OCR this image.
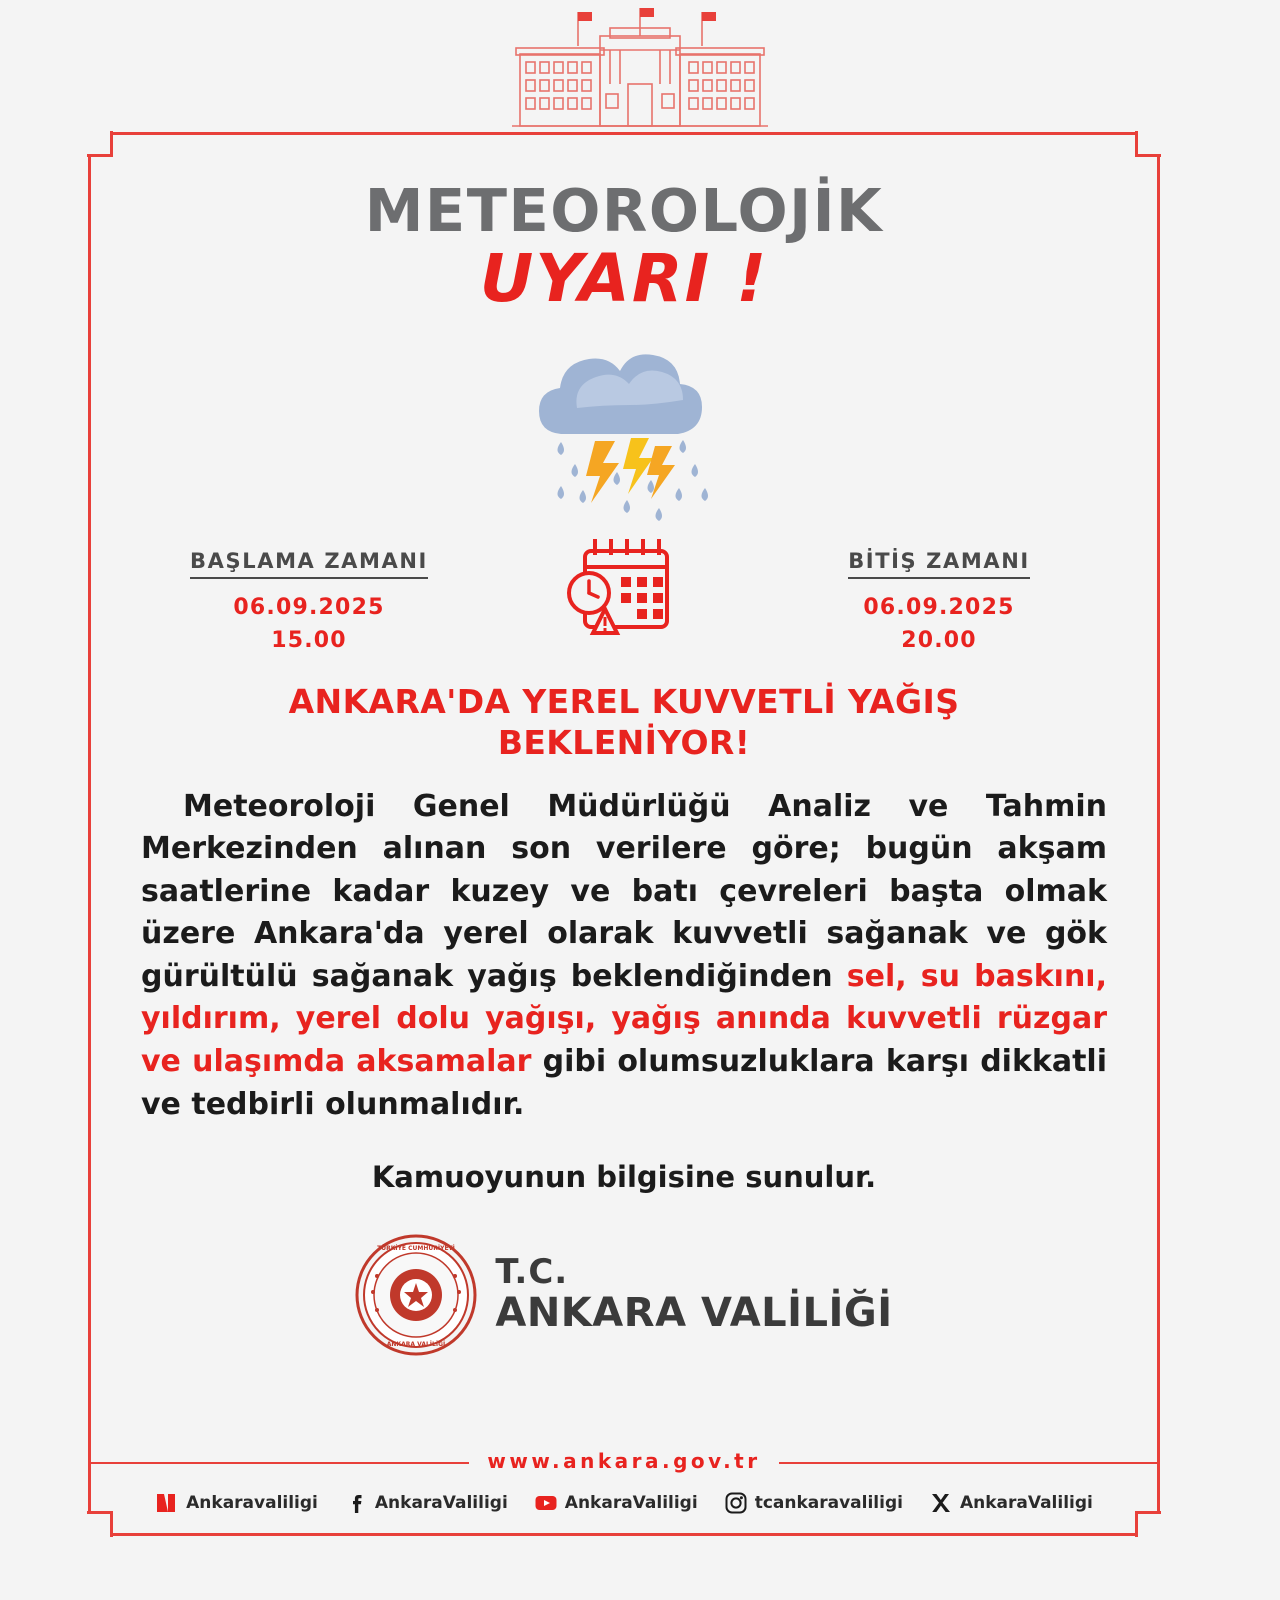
METEOROLOJİK
UYARI !
BAŞLAMA ZAMANI
06.09.2025
15.00
BİTİŞ ZAMANI
06.09.2025
20.00
ANKARA'DA YEREL KUVVETLİ YAĞIŞ BEKLENİYOR!

Meteoroloji Genel Müdürlüğü Analiz ve Tahmin Merkezinden alınan son verilere göre; bugün akşam saatlerine kadar kuzey ve batı çevreleri başta olmak üzere Ankara'da yerel olarak kuvvetli sağanak ve gök gürültülü sağanak yağış beklendiğinden sel, su baskını, yıldırım, yerel dolu yağışı, yağış anında kuvvetli rüzgar ve ulaşımda aksamalar gibi olumsuzluklara karşı dikkatli ve tedbirli olunmalıdır.

Kamuoyunun bilgisine sunulur.
TÜRKİYE CUMHURİYETİ
ANKARA VALİLİĞİ
T.C.
ANKARA VALİLİĞİ
www.ankara.gov.tr
Ankaravaliligi	AnkaraValiligi	AnkaraValiligi	tcankaravaliligi	AnkaraValiligi
